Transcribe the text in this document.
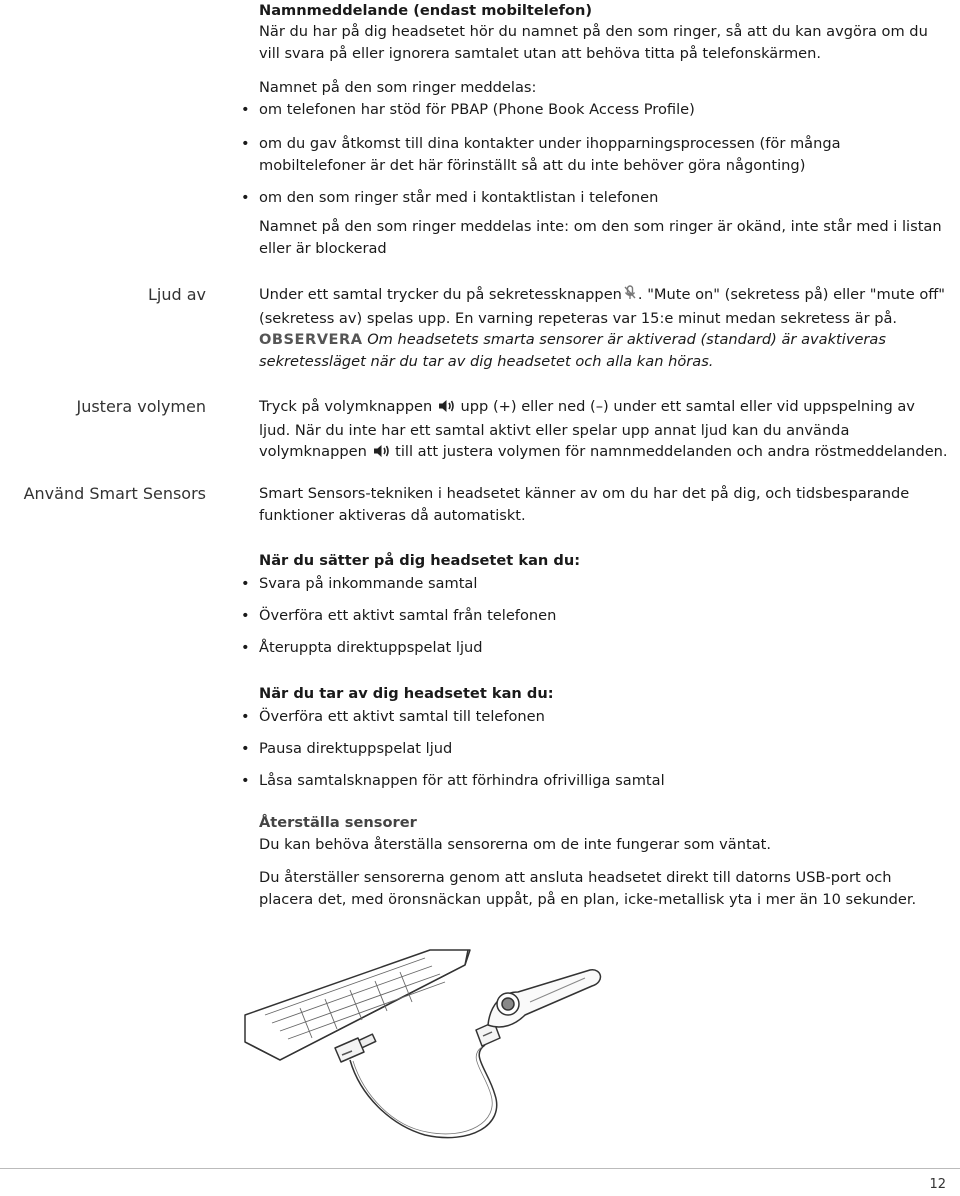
Namnmeddelande (endast mobiltelefon)
När du har på dig headsetet hör du namnet på den som ringer, så att du kan avgöra om du vill svara på eller ignorera samtalet utan att behöva titta på telefonskärmen.
Namnet på den som ringer meddelas:
• om telefonen har stöd för PBAP (Phone Book Access Profile)
• om du gav åtkomst till dina kontakter under ihopparningsprocessen (för många mobiltelefoner är det här förinställt så att du inte behöver göra någonting)
• om den som ringer står med i kontaktlistan i telefonen
Namnet på den som ringer meddelas inte: om den som ringer är okänd, inte står med i listan eller är blockerad
Ljud av	Under ett samtal trycker du på sekretessknappen . "Mute on" (sekretess på) eller "mute off" (sekretess av) spelas upp. En varning repeteras var 15:e minut medan sekretess är på.
OBSERVERA Om headsetets smarta sensorer är aktiverad (standard) är avaktiveras sekretessläget när du tar av dig headsetet och alla kan höras.
Justera volymen	Tryck på volymknappen upp (+) eller ned (–) under ett samtal eller vid uppspelning av ljud. När du inte har ett samtal aktivt eller spelar upp annat ljud kan du använda volymknappen till att justera volymen för namnmeddelanden och andra röstmeddelanden.
Använd Smart Sensors	Smart Sensors-tekniken i headsetet känner av om du har det på dig, och tidsbesparande funktioner aktiveras då automatiskt.
När du sätter på dig headsetet kan du:
• Svara på inkommande samtal
• Överföra ett aktivt samtal från telefonen
• Återuppta direktuppspelat ljud
När du tar av dig headsetet kan du:
• Överföra ett aktivt samtal till telefonen
• Pausa direktuppspelat ljud
• Låsa samtalsknappen för att förhindra ofrivilliga samtal
Återställa sensorer
Du kan behöva återställa sensorerna om de inte fungerar som väntat.
Du återställer sensorerna genom att ansluta headsetet direkt till datorns USB-port och placera det, med öronsnäckan uppåt, på en plan, icke-metallisk yta i mer än 10 sekunder.
12
